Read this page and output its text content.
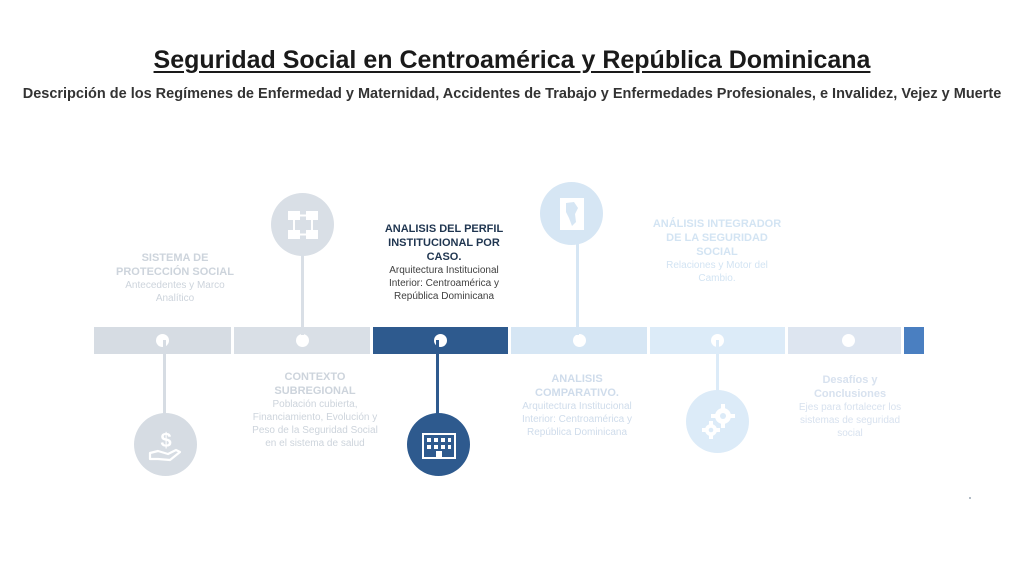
Seguridad Social en Centroamérica y República Dominicana
Descripción de los Regímenes de Enfermedad y Maternidad, Accidentes de Trabajo y Enfermedades Profesionales, e Invalidez, Vejez y Muerte
$
SISTEMA DE PROTECCIÓN SOCIAL
Antecedentes y Marco Analítico
CONTEXTO SUBREGIONAL
Población cubierta, Financiamiento, Evolución y Peso de la Seguridad Social en el sistema de salud
ANALISIS DEL PERFIL INSTITUCIONAL POR CASO.
Arquitectura Institucional Interior: Centroamérica y República Dominicana
ANALISIS COMPARATIVO.
Arquitectura Institucional Interior: Centroamérica y República Dominicana
ANÁLISIS INTEGRADOR DE LA SEGURIDAD SOCIAL
Relaciones y Motor del Cambio.
Desafíos y Conclusiones
Ejes para fortalecer los sistemas de seguridad social
